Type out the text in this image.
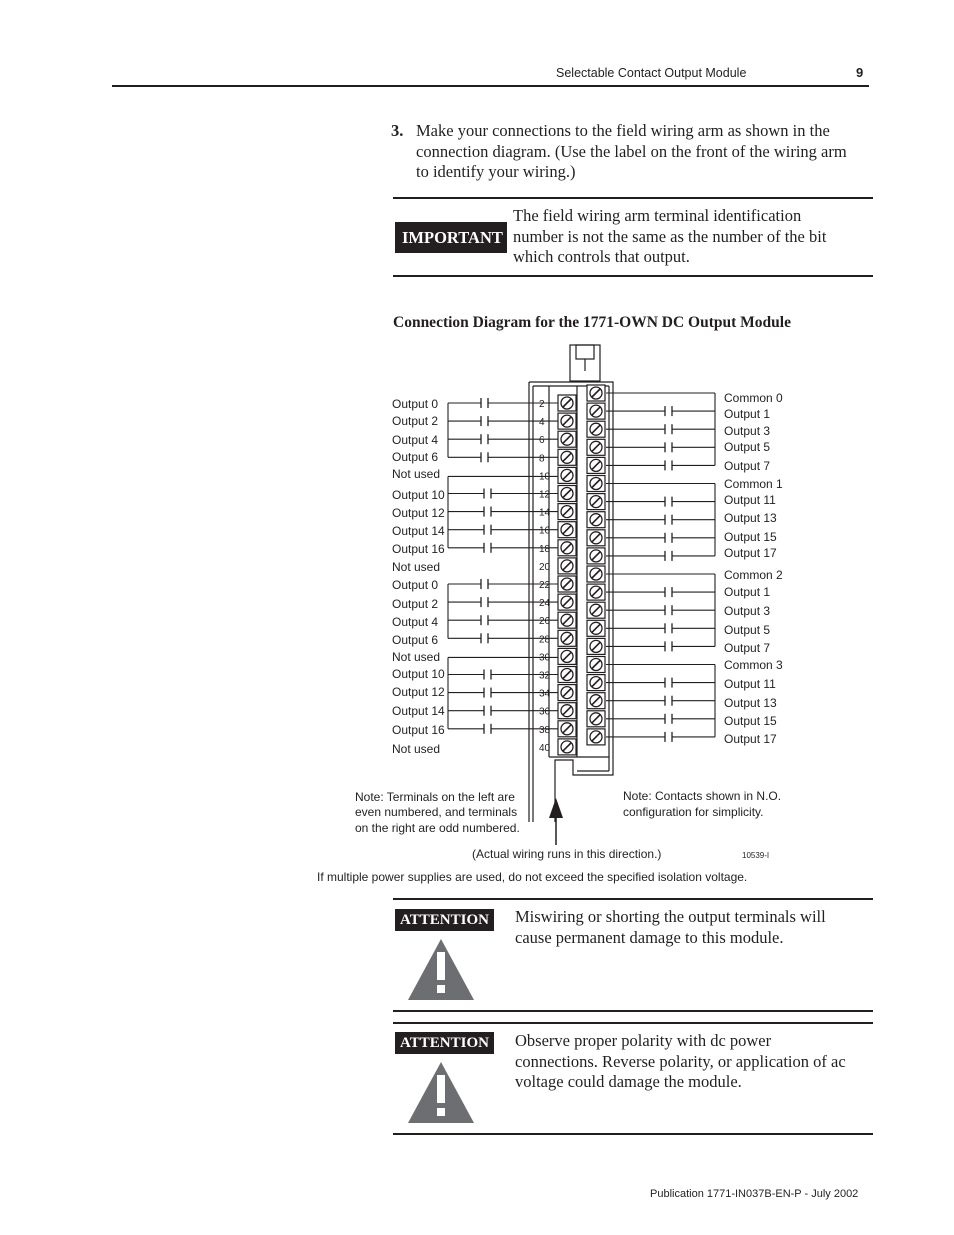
Selectable Contact Output Module	9
3. Make your connections to the field wiring arm as shown in the
connection diagram. (Use the label on the front of the wiring arm
to identify your wiring.)
IMPORTANT
The field wiring arm terminal identification
number is not the same as the number of the bit
which controls that output.
Connection Diagram for the 1771-OWN DC Output Module
2
4
6
8
10
12
14
16
18
20
22
24
26
28
30
32
34
36
38
40
Output 0
Output 2
Output 4
Output 6
Not used
Output 10
Output 12
Output 14
Output 16
Not used
Output 0
Output 2
Output 4
Output 6
Not used
Output 10
Output 12
Output 14
Output 16
Not used
Common 0
Output 1
Output 3
Output 5
Output 7
Common 1
Output 11
Output 13
Output 15
Output 17
Common 2
Output 1
Output 3
Output 5
Output 7
Common 3
Output 11
Output 13
Output 15
Output 17
Note: Terminals on the left are
even numbered, and terminals
on the right are odd numbered.
Note: Contacts shown in N.O.
configuration for simplicity.
(Actual wiring runs in this direction.)	10539-I
If multiple power supplies are used, do not exceed the specified isolation voltage.
ATTENTION	Miswiring or shorting the output terminals will
cause permanent damage to this module.
ATTENTION	Observe proper polarity with dc power
connections. Reverse polarity, or application of ac
voltage could damage the module.
Publication 1771-IN037B-EN-P - July 2002
